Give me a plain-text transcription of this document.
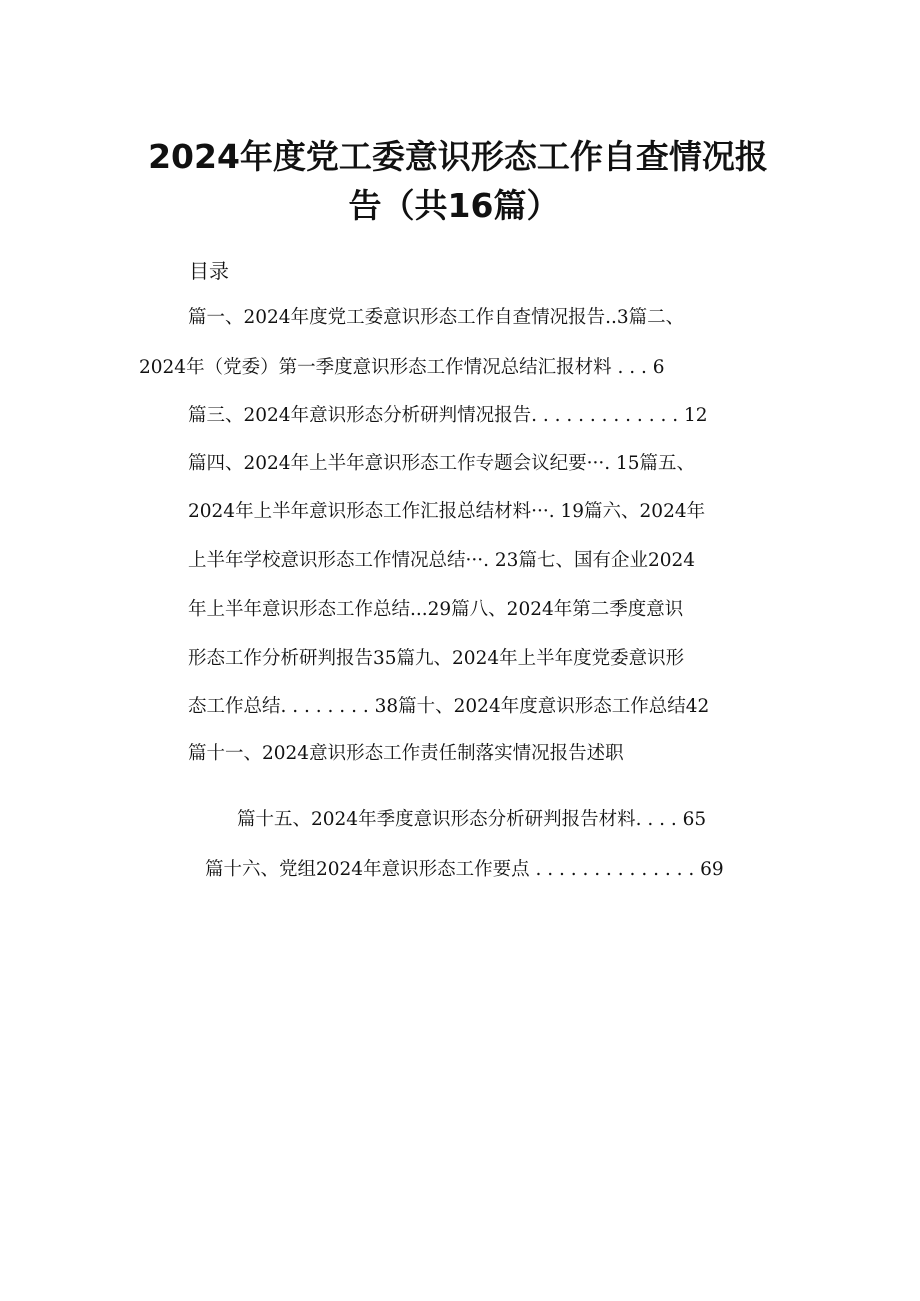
2024年度党工委意识形态工作自查情况报
告（共16篇）
目录
篇一、2024年度党工委意识形态工作自查情况报告..3篇二、
2024年（党委）第一季度意识形态工作情况总结汇报材料 . . . 6
篇三、2024年意识形态分析研判情况报告. . . . . . . . . . . . . 12
篇四、2024年上半年意识形态工作专题会议纪要···. 15篇五、
2024年上半年意识形态工作汇报总结材料···. 19篇六、2024年
上半年学校意识形态工作情况总结···. 23篇七、国有企业2024
年上半年意识形态工作总结...29篇八、2024年第二季度意识
形态工作分析研判报告35篇九、2024年上半年度党委意识形
态工作总结. . . . . . . . 38篇十、2024年度意识形态工作总结42
篇十一、2024意识形态工作责任制落实情况报告述职
篇十五、2024年季度意识形态分析研判报告材料. . . . 65
篇十六、党组2024年意识形态工作要点 . . . . . . . . . . . . . . 69
